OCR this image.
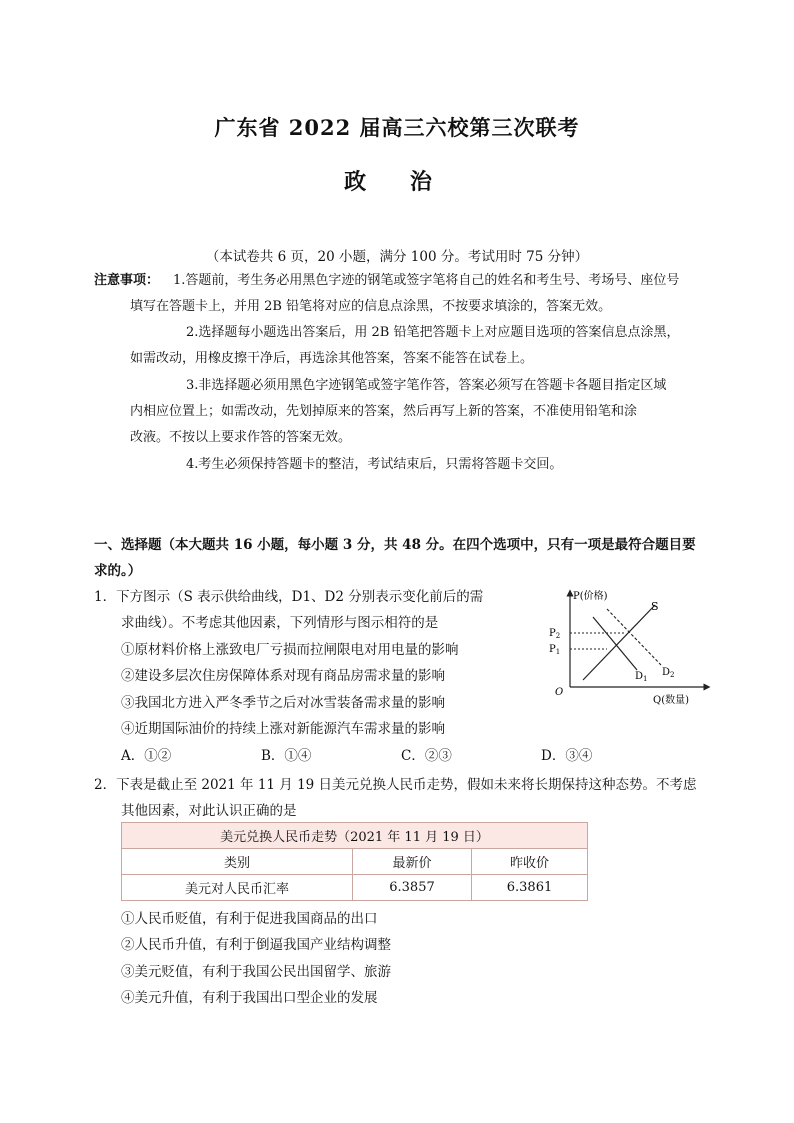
广东省 2022 届高三六校第三次联考
政 治
（本试卷共 6 页，20 小题，满分 100 分。考试用时 75 分钟）
注意事项： 1.答题前，考生务必用黑色字迹的钢笔或签字笔将自己的姓名和考生号、考场号、座位号
填写在答题卡上，并用 2B 铅笔将对应的信息点涂黑，不按要求填涂的，答案无效。
2.选择题每小题选出答案后，用 2B 铅笔把答题卡上对应题目选项的答案信息点涂黑，
如需改动，用橡皮擦干净后，再选涂其他答案，答案不能答在试卷上。
3.非选择题必须用黑色字迹钢笔或签字笔作答，答案必须写在答题卡各题目指定区域
内相应位置上；如需改动，先划掉原来的答案，然后再写上新的答案，不准使用铅笔和涂
改液。不按以上要求作答的答案无效。
4.考生必须保持答题卡的整洁，考试结束后，只需将答题卡交回。
一、选择题（本大题共 16 小题，每小题 3 分，共 48 分。在四个选项中，只有一项是最符合题目要
求的。）
1．下方图示（S 表示供给曲线，D1、D2 分别表示变化前后的需
求曲线）。不考虑其他因素，下列情形与图示相符的是
①原材料价格上涨致电厂亏损而拉闸限电对用电量的影响
②建设多层次住房保障体系对现有商品房需求量的影响
③我国北方进入严冬季节之后对冰雪装备需求量的影响
④近期国际油价的持续上涨对新能源汽车需求量的影响
A．①②	B．①④	C．②③	D．③④
P(价格)
Q(数量)
O
$P_2$
$P_1$
S
$D_1$
$D_2$
2．下表是截止至 2021 年 11 月 19 日美元兑换人民币走势，假如未来将长期保持这种态势。不考虑
其他因素，对此认识正确的是
美元兑换人民币走势（2021 年 11 月 19 日）		
类别	最新价	昨收价
美元对人民币汇率	6.3857	6.3861
①人民币贬值，有利于促进我国商品的出口
②人民币升值，有利于倒逼我国产业结构调整
③美元贬值，有利于我国公民出国留学、旅游
④美元升值，有利于我国出口型企业的发展
